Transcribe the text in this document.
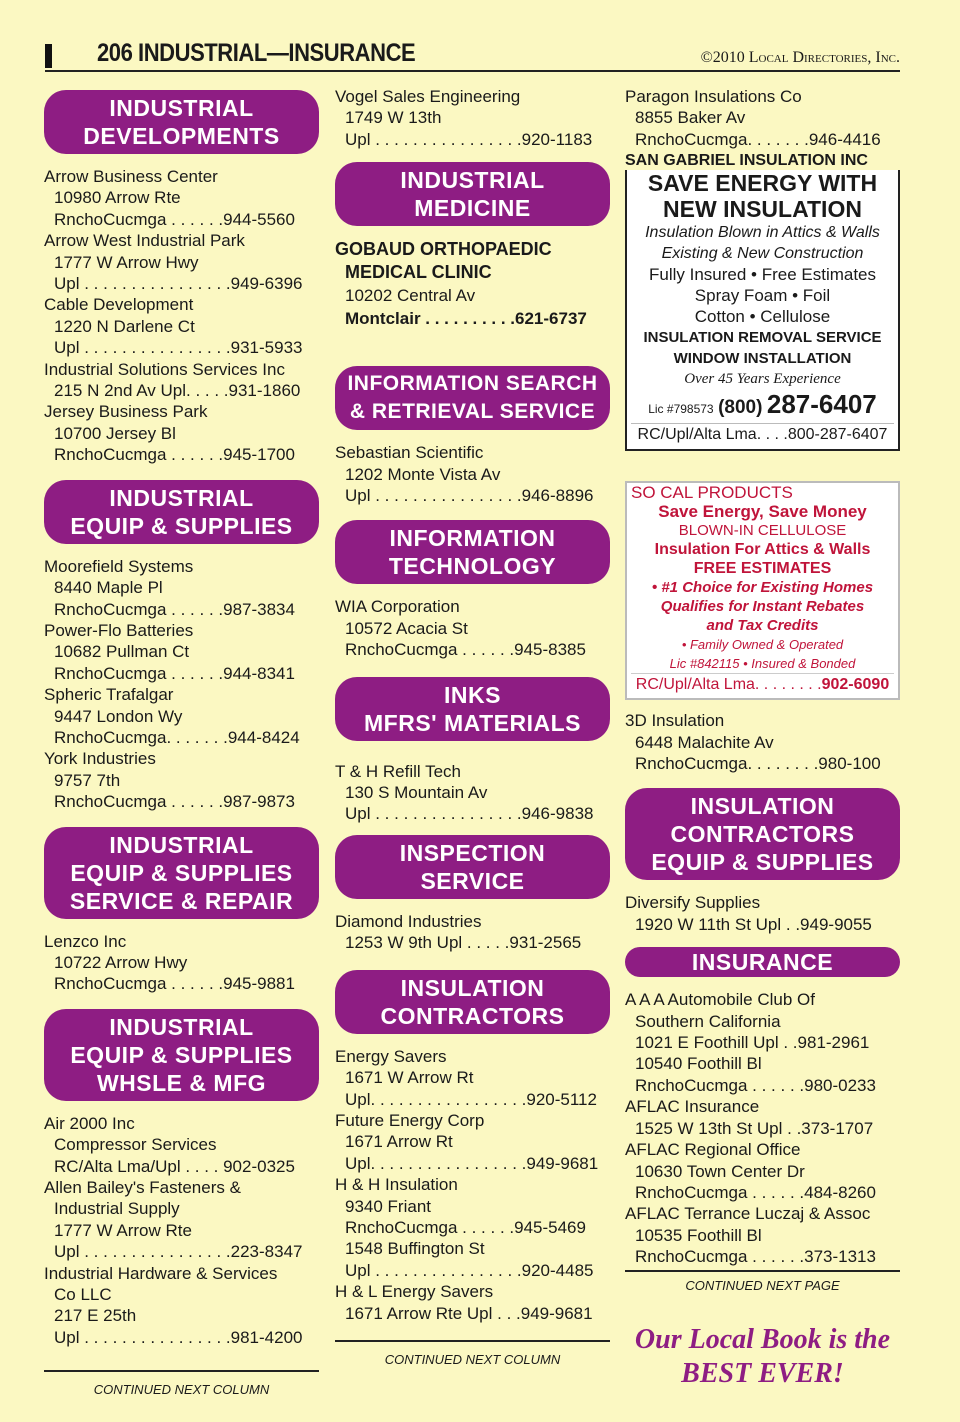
206 INDUSTRIAL—INSURANCE	©2010 Local Directories, Inc.
INDUSTRIAL
DEVELOPMENTS
Arrow Business Center
10980 Arrow Rte
RnchoCucmga . . . . . .944-5560
Arrow West Industrial Park
1777 W Arrow Hwy
Upl . . . . . . . . . . . . . . . .949-6396
Cable Development
1220 N Darlene Ct
Upl . . . . . . . . . . . . . . . .931-5933
Industrial Solutions Services Inc
215 N 2nd Av Upl. . . . .931-1860
Jersey Business Park
10700 Jersey Bl
RnchoCucmga . . . . . .945-1700
INDUSTRIAL
EQUIP & SUPPLIES
Moorefield Systems
8440 Maple Pl
RnchoCucmga . . . . . .987-3834
Power-Flo Batteries
10682 Pullman Ct
RnchoCucmga . . . . . .944-8341
Spheric Trafalgar
9447 London Wy
RnchoCucmga. . . . . . .944-8424
York Industries
9757 7th
RnchoCucmga . . . . . .987-9873
INDUSTRIAL
EQUIP & SUPPLIES
SERVICE & REPAIR
Lenzco Inc
10722 Arrow Hwy
RnchoCucmga . . . . . .945-9881
INDUSTRIAL
EQUIP & SUPPLIES
WHSLE & MFG
Air 2000 Inc
Compressor Services
RC/Alta Lma/Upl . . . . 902-0325
Allen Bailey's Fasteners &
Industrial Supply
1777 W Arrow Rte
Upl . . . . . . . . . . . . . . . .223-8347
Industrial Hardware & Services
Co LLC
217 E 25th
Upl . . . . . . . . . . . . . . . .981-4200
CONTINUED NEXT COLUMN
Vogel Sales Engineering
1749 W 13th
Upl . . . . . . . . . . . . . . . .920-1183
INDUSTRIAL
MEDICINE
GOBAUD ORTHOPAEDIC
MEDICAL CLINIC
10202 Central Av
Montclair . . . . . . . . . .621-6737
INFORMATION SEARCH
& RETRIEVAL SERVICE
Sebastian Scientific
1202 Monte Vista Av
Upl . . . . . . . . . . . . . . . .946-8896
INFORMATION
TECHNOLOGY
WIA Corporation
10572 Acacia St
RnchoCucmga . . . . . .945-8385
INKS
MFRS' MATERIALS
T & H Refill Tech
130 S Mountain Av
Upl . . . . . . . . . . . . . . . .946-9838
INSPECTION
SERVICE
Diamond Industries
1253 W 9th Upl . . . . .931-2565
INSULATION
CONTRACTORS
Energy Savers
1671 W Arrow Rt
Upl. . . . . . . . . . . . . . . . .920-5112
Future Energy Corp
1671 Arrow Rt
Upl. . . . . . . . . . . . . . . . .949-9681
H & H Insulation
9340 Friant
RnchoCucmga . . . . . .945-5469
1548 Buffington St
Upl . . . . . . . . . . . . . . . .920-4485
H & L Energy Savers
1671 Arrow Rte Upl . . .949-9681
CONTINUED NEXT COLUMN
Paragon Insulations Co
8855 Baker Av
RnchoCucmga. . . . . . .946-4416
SAN GABRIEL INSULATION INC
SAVE ENERGY WITH
NEW INSULATION
Insulation Blown in Attics & Walls
Existing & New Construction
Fully Insured • Free Estimates
Spray Foam • Foil
Cotton • Cellulose
INSULATION REMOVAL SERVICE
WINDOW INSTALLATION
Over 45 Years Experience
Lic #798573 (800) 287-6407
RC/Upl/Alta Lma. . . .800-287-6407
SO CAL PRODUCTS
Save Energy, Save Money
BLOWN-IN CELLULOSE
Insulation For Attics & Walls
FREE ESTIMATES
• #1 Choice for Existing Homes
Qualifies for Instant Rebates
and Tax Credits
• Family Owned & Operated
Lic #842115 • Insured & Bonded
RC/Upl/Alta Lma. . . . . . . .902-6090
3D Insulation
6448 Malachite Av
RnchoCucmga. . . . . . . .980-100
INSULATION
CONTRACTORS
EQUIP & SUPPLIES
Diversify Supplies
1920 W 11th St Upl . .949-9055
INSURANCE
A A A Automobile Club Of
Southern California
1021 E Foothill Upl . .981-2961
10540 Foothill Bl
RnchoCucmga . . . . . .980-0233
AFLAC Insurance
1525 W 13th St Upl . .373-1707
AFLAC Regional Office
10630 Town Center Dr
RnchoCucmga . . . . . .484-8260
AFLAC Terrance Luczaj & Assoc
10535 Foothill Bl
RnchoCucmga . . . . . .373-1313
CONTINUED NEXT PAGE
Our Local Book is the
BEST EVER!
